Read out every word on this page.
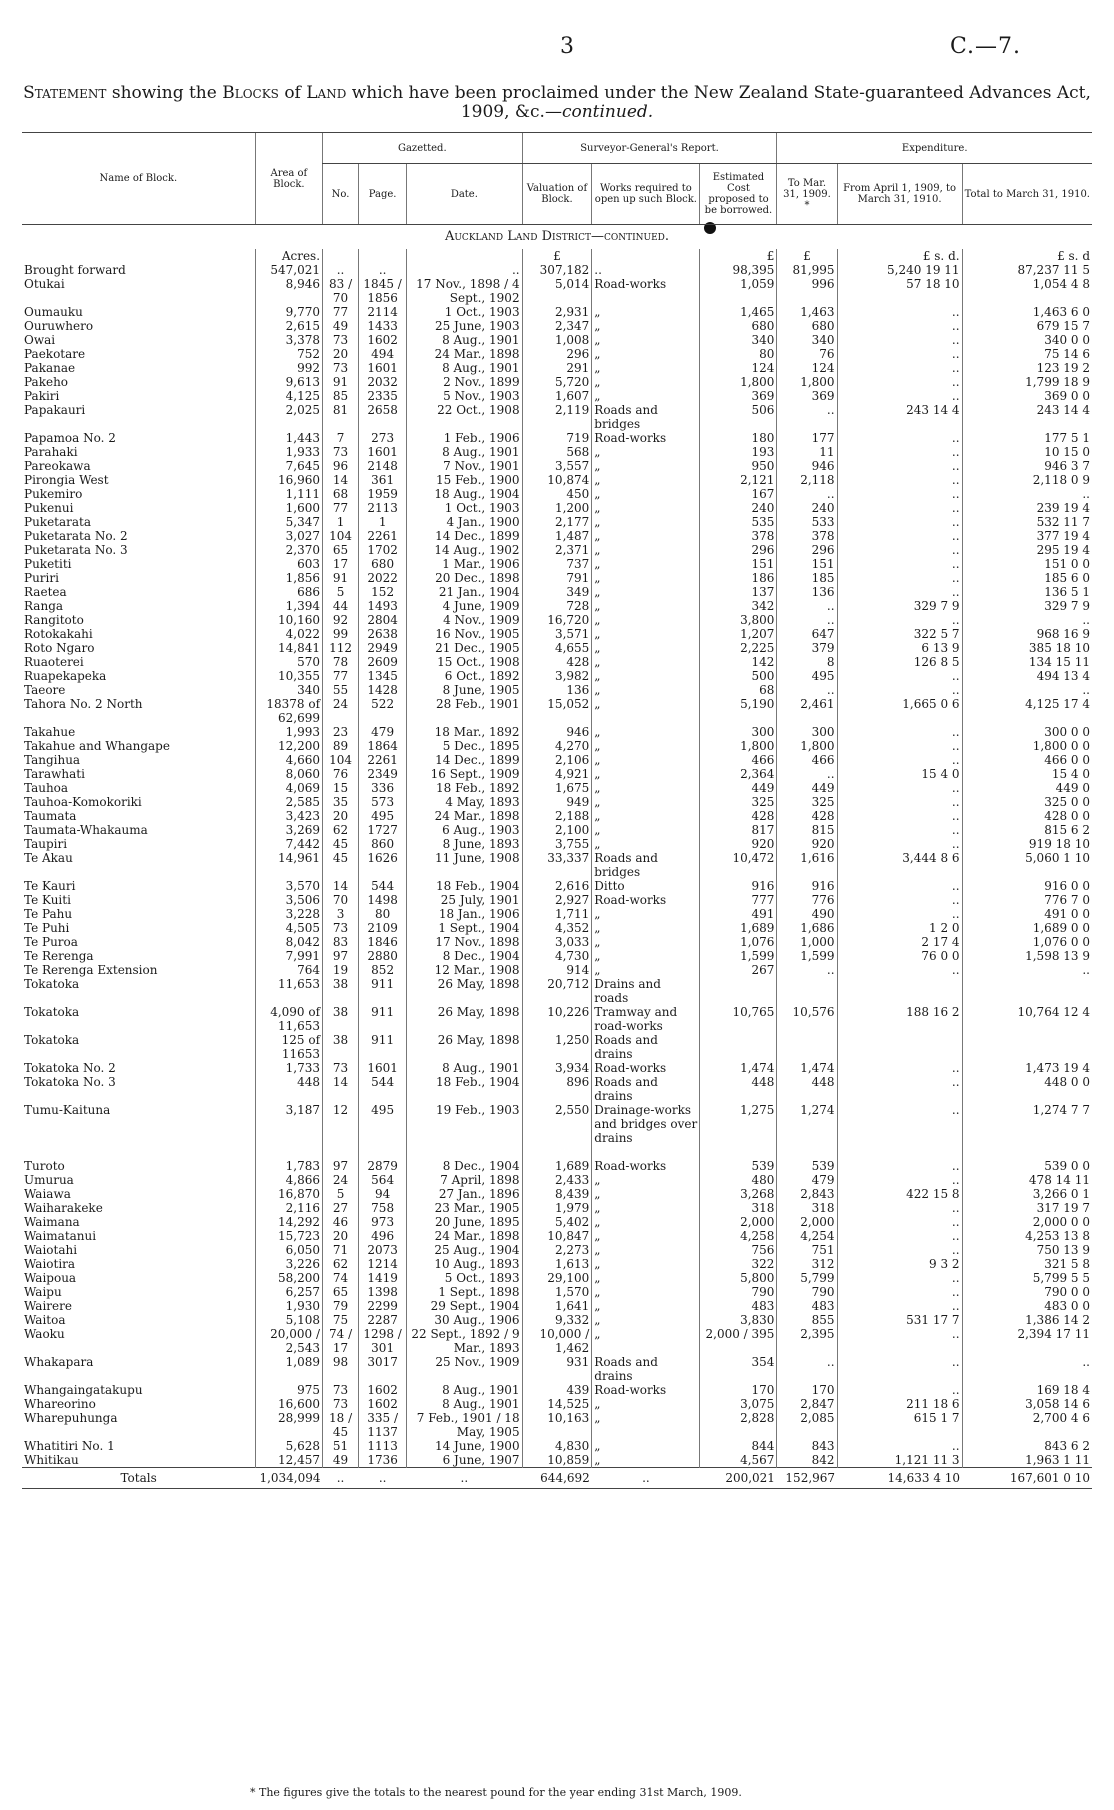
3	C.—7.
Statement showing the Blocks of Land which have been proclaimed under the New Zealand State-guaranteed Advances Act, 1909, &c.—continued.
Name of Block.	Area of Block.	Gazetted.			Surveyor-General's Report.			Expenditure.		
		No.	Page.	Date.	Valuation of Block.	Works required to open up such Block.	Estimated Cost proposed to be borrowed.	To Mar. 31, 1909. *	From April 1, 1909, to March 31, 1910.	Total to March 31, 1910.
Auckland Land District—continued.										
	Acres.				£		£	£	£ s. d.	£ s. d
Brought forward	547,021	..	..	..	307,182	..	98,395	81,995	5,240 19 11	87,237 11 5
Otukai	8,946	83 / 70	1845 / 1856	17 Nov., 1898 / 4 Sept., 1902	5,014	Road-works	1,059	996	57 18 10	1,054 4 8
Oumauku	9,770	77	2114	1 Oct., 1903	2,931	„	1,465	1,463	..	1,463 6 0
Ouruwhero	2,615	49	1433	25 June, 1903	2,347	„	680	680	..	679 15 7
Owai	3,378	73	1602	8 Aug., 1901	1,008	„	340	340	..	340 0 0
Paekotare	752	20	494	24 Mar., 1898	296	„	80	76	..	75 14 6
Pakanae	992	73	1601	8 Aug., 1901	291	„	124	124	..	123 19 2
Pakeho	9,613	91	2032	2 Nov., 1899	5,720	„	1,800	1,800	..	1,799 18 9
Pakiri	4,125	85	2335	5 Nov., 1903	1,607	„	369	369	..	369 0 0
Papakauri	2,025	81	2658	22 Oct., 1908	2,119	Roads and bridges	506	..	243 14 4	243 14 4
Papamoa No. 2	1,443	7	273	1 Feb., 1906	719	Road-works	180	177	..	177 5 1
Parahaki	1,933	73	1601	8 Aug., 1901	568	„	193	11	..	10 15 0
Pareokawa	7,645	96	2148	7 Nov., 1901	3,557	„	950	946	..	946 3 7
Pirongia West	16,960	14	361	15 Feb., 1900	10,874	„	2,121	2,118	..	2,118 0 9
Pukemiro	1,111	68	1959	18 Aug., 1904	450	„	167	..	..	..
Pukenui	1,600	77	2113	1 Oct., 1903	1,200	„	240	240	..	239 19 4
Puketarata	5,347	1	1	4 Jan., 1900	2,177	„	535	533	..	532 11 7
Puketarata No. 2	3,027	104	2261	14 Dec., 1899	1,487	„	378	378	..	377 19 4
Puketarata No. 3	2,370	65	1702	14 Aug., 1902	2,371	„	296	296	..	295 19 4
Puketiti	603	17	680	1 Mar., 1906	737	„	151	151	..	151 0 0
Puriri	1,856	91	2022	20 Dec., 1898	791	„	186	185	..	185 6 0
Raetea	686	5	152	21 Jan., 1904	349	„	137	136	..	136 5 1
Ranga	1,394	44	1493	4 June, 1909	728	„	342	..	329 7 9	329 7 9
Rangitoto	10,160	92	2804	4 Nov., 1909	16,720	„	3,800	..	..	..
Rotokakahi	4,022	99	2638	16 Nov., 1905	3,571	„	1,207	647	322 5 7	968 16 9
Roto Ngaro	14,841	112	2949	21 Dec., 1905	4,655	„	2,225	379	6 13 9	385 18 10
Ruaoterei	570	78	2609	15 Oct., 1908	428	„	142	8	126 8 5	134 15 11
Ruapekapeka	10,355	77	1345	6 Oct., 1892	3,982	„	500	495	..	494 13 4
Taeore	340	55	1428	8 June, 1905	136	„	68	..	..	..
Tahora No. 2 North	18378 of 62,699	24	522	28 Feb., 1901	15,052	„	5,190	2,461	1,665 0 6	4,125 17 4
Takahue	1,993	23	479	18 Mar., 1892	946	„	300	300	..	300 0 0
Takahue and Whangape	12,200	89	1864	5 Dec., 1895	4,270	„	1,800	1,800	..	1,800 0 0
Tangihua	4,660	104	2261	14 Dec., 1899	2,106	„	466	466	..	466 0 0
Tarawhati	8,060	76	2349	16 Sept., 1909	4,921	„	2,364	..	15 4 0	15 4 0
Tauhoa	4,069	15	336	18 Feb., 1892	1,675	„	449	449	..	449 0
Tauhoa-Komokoriki	2,585	35	573	4 May, 1893	949	„	325	325	..	325 0 0
Taumata	3,423	20	495	24 Mar., 1898	2,188	„	428	428	..	428 0 0
Taumata-Whakauma	3,269	62	1727	6 Aug., 1903	2,100	„	817	815	..	815 6 2
Taupiri	7,442	45	860	8 June, 1893	3,755	„	920	920	..	919 18 10
Te Akau	14,961	45	1626	11 June, 1908	33,337	Roads and bridges	10,472	1,616	3,444 8 6	5,060 1 10
Te Kauri	3,570	14	544	18 Feb., 1904	2,616	Ditto	916	916	..	916 0 0
Te Kuiti	3,506	70	1498	25 July, 1901	2,927	Road-works	777	776	..	776 7 0
Te Pahu	3,228	3	80	18 Jan., 1906	1,711	„	491	490	..	491 0 0
Te Puhi	4,505	73	2109	1 Sept., 1904	4,352	„	1,689	1,686	1 2 0	1,689 0 0
Te Puroa	8,042	83	1846	17 Nov., 1898	3,033	„	1,076	1,000	2 17 4	1,076 0 0
Te Rerenga	7,991	97	2880	8 Dec., 1904	4,730	„	1,599	1,599	76 0 0	1,598 13 9
Te Rerenga Extension	764	19	852	12 Mar., 1908	914	„	267	..	..	..
Tokatoka	11,653	38	911	26 May, 1898	20,712	Drains and roads				
Tokatoka	4,090 of 11,653	38	911	26 May, 1898	10,226	Tramway and road-works	10,765	10,576	188 16 2	10,764 12 4
Tokatoka	125 of 11653	38	911	26 May, 1898	1,250	Roads and drains				
Tokatoka No. 2	1,733	73	1601	8 Aug., 1901	3,934	Road-works	1,474	1,474	..	1,473 19 4
Tokatoka No. 3	448	14	544	18 Feb., 1904	896	Roads and drains	448	448	..	448 0 0
Tumu-Kaituna	3,187	12	495	19 Feb., 1903	2,550	Drainage-works and bridges over drains	1,275	1,274	..	1,274 7 7
Turoto	1,783	97	2879	8 Dec., 1904	1,689	Road-works	539	539	..	539 0 0
Umurua	4,866	24	564	7 April, 1898	2,433	„	480	479	..	478 14 11
Waiawa	16,870	5	94	27 Jan., 1896	8,439	„	3,268	2,843	422 15 8	3,266 0 1
Waiharakeke	2,116	27	758	23 Mar., 1905	1,979	„	318	318	..	317 19 7
Waimana	14,292	46	973	20 June, 1895	5,402	„	2,000	2,000	..	2,000 0 0
Waimatanui	15,723	20	496	24 Mar., 1898	10,847	„	4,258	4,254	..	4,253 13 8
Waiotahi	6,050	71	2073	25 Aug., 1904	2,273	„	756	751	..	750 13 9
Waiotira	3,226	62	1214	10 Aug., 1893	1,613	„	322	312	9 3 2	321 5 8
Waipoua	58,200	74	1419	5 Oct., 1893	29,100	„	5,800	5,799	..	5,799 5 5
Waipu	6,257	65	1398	1 Sept., 1898	1,570	„	790	790	..	790 0 0
Wairere	1,930	79	2299	29 Sept., 1904	1,641	„	483	483	..	483 0 0
Waitoa	5,108	75	2287	30 Aug., 1906	9,332	„	3,830	855	531 17 7	1,386 14 2
Waoku	20,000 / 2,543	74 / 17	1298 / 301	22 Sept., 1892 / 9 Mar., 1893	10,000 / 1,462	„	2,000 / 395	2,395	..	2,394 17 11
Whakapara	1,089	98	3017	25 Nov., 1909	931	Roads and drains	354	..	..	..
Whangaingatakupu	975	73	1602	8 Aug., 1901	439	Road-works	170	170	..	169 18 4
Whareorino	16,600	73	1602	8 Aug., 1901	14,525	„	3,075	2,847	211 18 6	3,058 14 6
Wharepuhunga	28,999	18 / 45	335 / 1137	7 Feb., 1901 / 18 May, 1905	10,163	„	2,828	2,085	615 1 7	2,700 4 6
Whatitiri No. 1	5,628	51	1113	14 June, 1900	4,830	„	844	843	..	843 6 2
Whitikau	12,457	49	1736	6 June, 1907	10,859	„	4,567	842	1,121 11 3	1,963 1 11
Totals	1,034,094	..	..	..	644,692	..	200,021	152,967	14,633 4 10	167,601 0 10
* The figures give the totals to the nearest pound for the year ending 31st March, 1909.
